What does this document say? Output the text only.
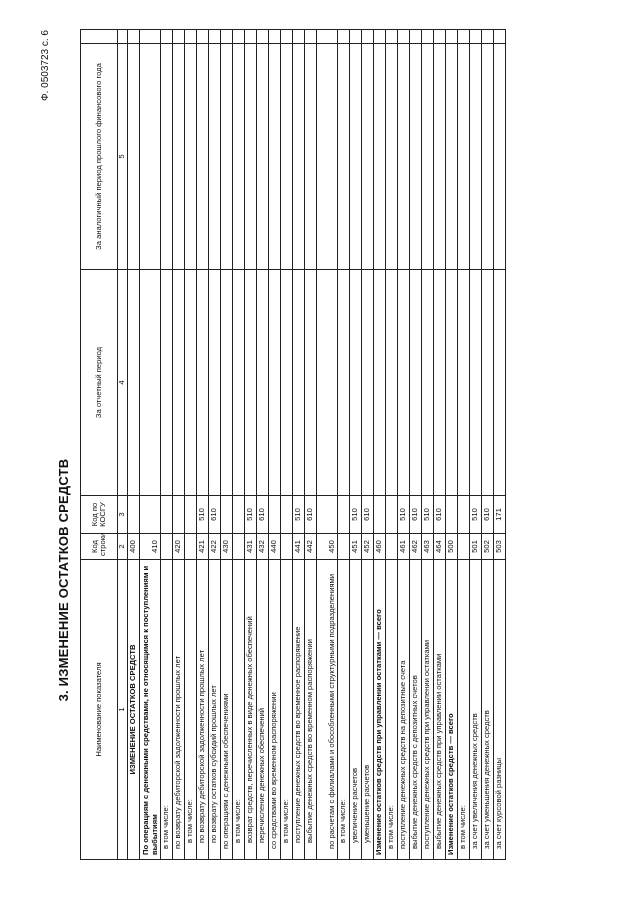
Ф. 0503723 с. 6
3. ИЗМЕНЕНИЕ ОСТАТКОВ СРЕДСТВ
Наименование показателя	Код строки	Код по КОСГУ	За отчетный период	За аналогичный период прошлого финансового года	
1	2	3	4	5	
ИЗМЕНЕНИЕ ОСТАТКОВ СРЕДСТВ	400				
По операциям с денежными средствами, не относящимся к поступлениям и выбытиям	410				
в том числе:					
по возврату дебиторской задолженности прошлых лет	420				
в том числе:					
по возврату дебиторской задолженности прошлых лет	421	510			
по возврату остатков субсидий прошлых лет	422	610			
по операциям с денежными обеспечениями	430				
в том числе:					
возврат средств, перечисленных в виде денежных обеспечений	431	510			
перечисление денежных обеспечений	432	610			
со средствами во временном распоряжении	440				
в том числе:					
поступление денежных средств во временное распоряжение	441	510			
выбытие денежных средств во временном распоряжении	442	610			
по расчетам с филиалами и обособленными структурными подразделениями	450				
в том числе:					
увеличение расчетов	451	510			
уменьшение расчетов	452	610			
Изменение остатков средств при управлении остатками — всего	460				
в том числе:					
поступление денежных средств на депозитные счета	461	510			
выбытие денежных средств с депозитных счетов	462	610			
поступление денежных средств при управлении остатками	463	510			
выбытие денежных средств при управлении остатками	464	610			
Изменение остатков средств — всего	500				
в том числе:					
за счет увеличения денежных средств	501	510			
за счет уменьшения денежных средств	502	610			
за счет курсовой разницы	503	171			
